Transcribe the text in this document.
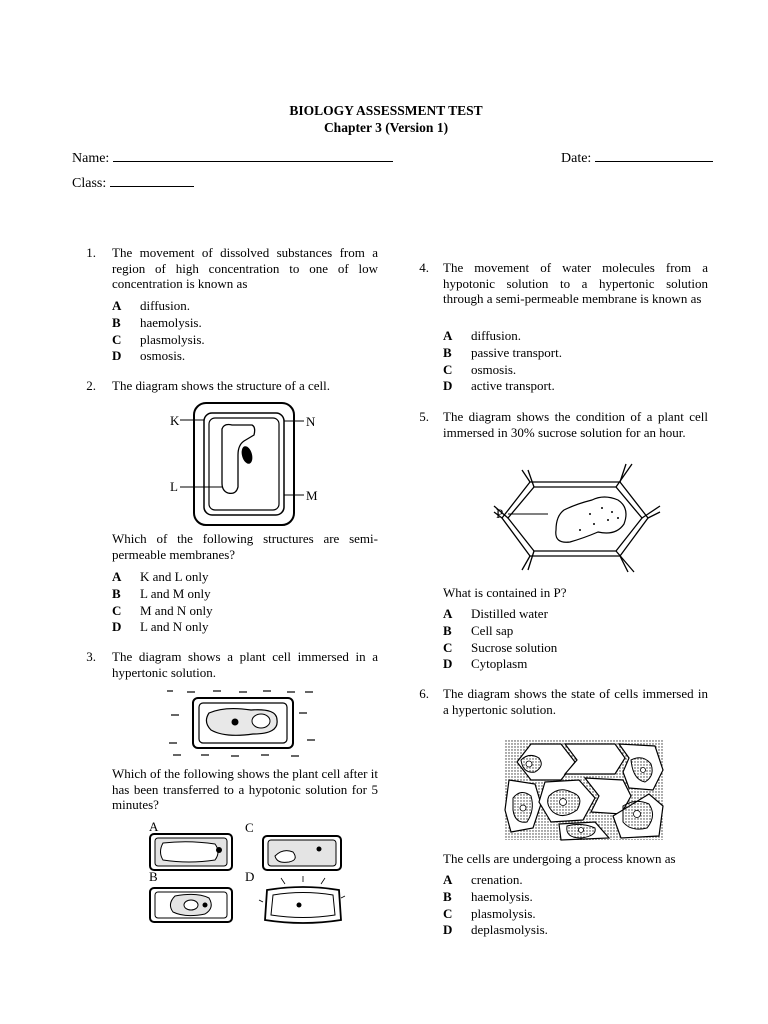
BIOLOGY ASSESSMENT TEST
Chapter 3 (Version 1)
Name:	Date:
Class:
1. The movement of dissolved substances from a region of high concentration to one of low concentration is known as
A diffusion.
B haemolysis.
C plasmolysis.
D osmosis.
2. The diagram shows the structure of a cell.
K	N
L
M
Which of the following structures are semi-permeable membranes?
A K and L only
B L and M only
C M and N only
D L and N only
3. The diagram shows a plant cell immersed in a hypertonic solution.
Which of the following shows the plant cell after it has been transferred to a hypotonic solution for 5 minutes?
A	C
B	D
4. The movement of water molecules from a hypotonic solution to a hypertonic solution through a semi-permeable membrane is known as
A diffusion.
B passive transport.
C osmosis.
D active transport.
5. The diagram shows the condition of a plant cell immersed in 30% sucrose solution for an hour.
P
What is contained in P?
A Distilled water
B Cell sap
C Sucrose solution
D Cytoplasm
6. The diagram shows the state of cells immersed in a hypertonic solution.
The cells are undergoing a process known as
A crenation.
B haemolysis.
C plasmolysis.
D deplasmolysis.
